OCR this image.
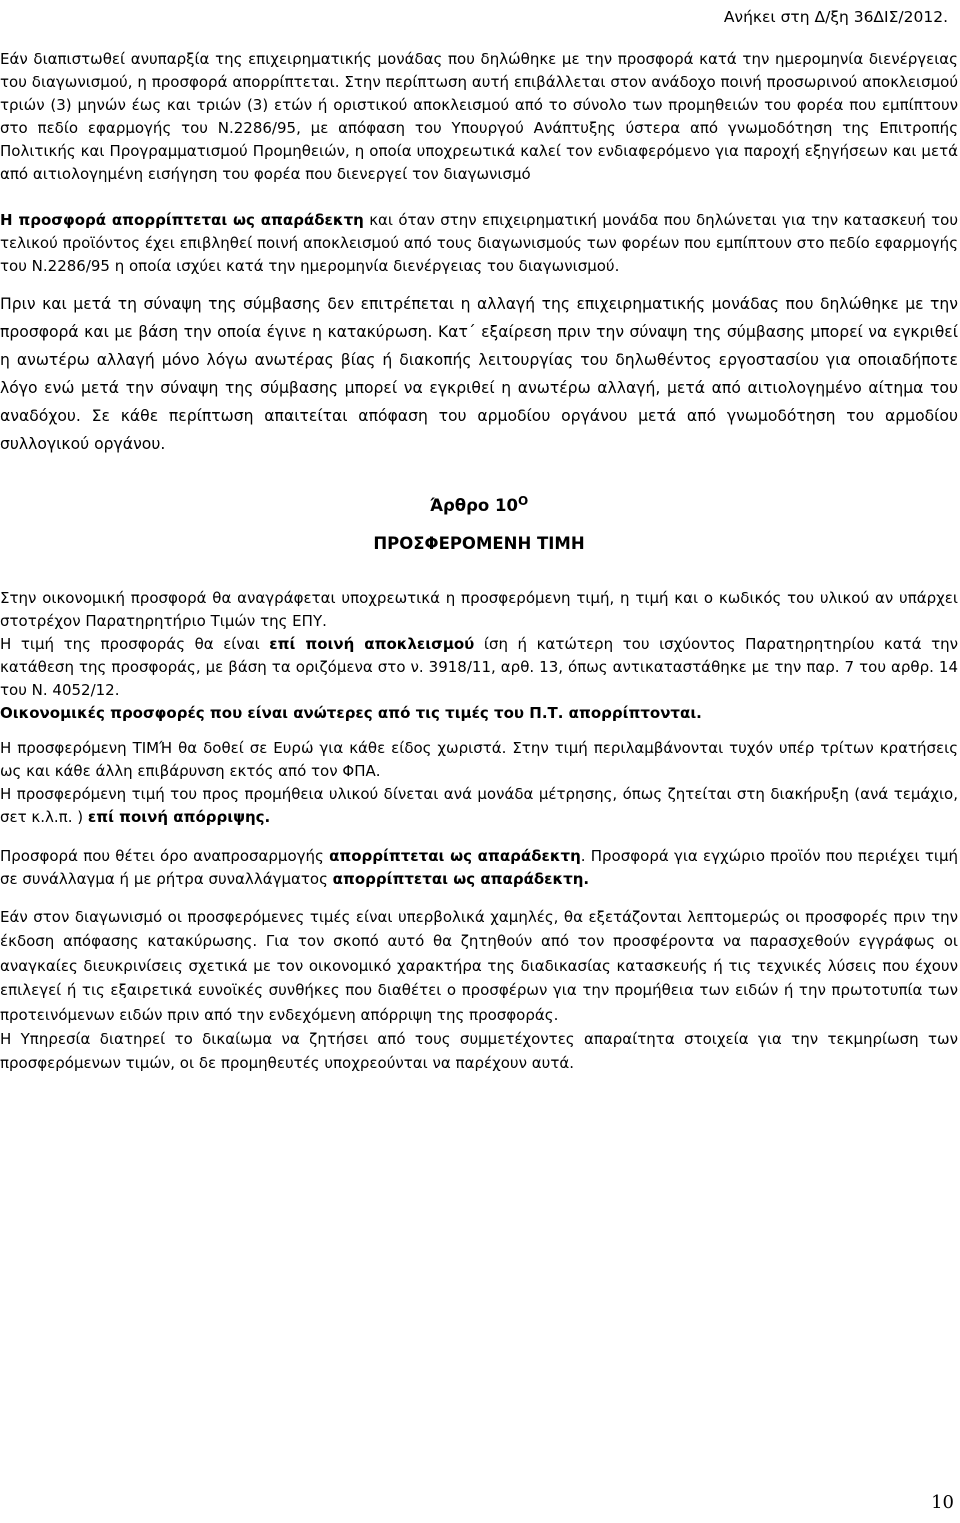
Ανήκει στη Δ/ξη 36ΔΙΣ/2012.

Εάν διαπιστωθεί ανυπαρξία της επιχειρηματικής μονάδας που δηλώθηκε με την προσφορά κατά την ημερομηνία διενέργειας του διαγωνισμού, η προσφορά απορρίπτεται. Στην περίπτωση αυτή επιβάλλεται στον ανάδοχο ποινή προσωρινού αποκλεισμού τριών (3) μηνών έως και τριών (3) ετών ή οριστικού αποκλεισμού από το σύνολο των προμηθειών του φορέα που εμπίπτουν στο πεδίο εφαρμογής του Ν.2286/95, με απόφαση του Υπουργού Ανάπτυξης ύστερα από γνωμοδότηση της Επιτροπής Πολιτικής και Προγραμματισμού Προμηθειών, η οποία υποχρεωτικά καλεί τον ενδιαφερόμενο για παροχή εξηγήσεων και μετά από αιτιολογημένη εισήγηση του φορέα που διενεργεί τον διαγωνισμό

Η προσφορά απορρίπτεται ως απαράδεκτη και όταν στην επιχειρηματική μονάδα που δηλώνεται για την κατασκευή του τελικού προϊόντος έχει επιβληθεί ποινή αποκλεισμού από τους διαγωνισμούς των φορέων που εμπίπτουν στο πεδίο εφαρμογής του Ν.2286/95 η οποία ισχύει κατά την ημερομηνία διενέργειας του διαγωνισμού.

Πριν και μετά τη σύναψη της σύμβασης δεν επιτρέπεται η αλλαγή της επιχειρηματικής μονάδας που δηλώθηκε με την προσφορά και με βάση την οποία έγινε η κατακύρωση. Κατ΄ εξαίρεση πριν την σύναψη της σύμβασης μπορεί να εγκριθεί η ανωτέρω αλλαγή μόνο λόγω ανωτέρας βίας ή διακοπής λειτουργίας του δηλωθέντος εργοστασίου για οποιαδήποτε λόγο ενώ μετά την σύναψη της σύμβασης μπορεί να εγκριθεί η ανωτέρω αλλαγή, μετά από αιτιολογημένο αίτημα του αναδόχου. Σε κάθε περίπτωση απαιτείται απόφαση του αρμοδίου οργάνου μετά από γνωμοδότηση του αρμοδίου συλλογικού οργάνου.

Άρθρο $10^O$

ΠΡΟΣΦΕΡΟΜΕΝΗ ΤΙΜΗ

Στην οικονομική προσφορά θα αναγράφεται υποχρεωτικά η προσφερόμενη τιμή, η τιμή και ο κωδικός του υλικού αν υπάρχει στοτρέχον Παρατηρητήριο Τιμών της ΕΠΥ.

Η τιμή της προσφοράς θα είναι επί ποινή αποκλεισμού ίση ή κατώτερη του ισχύοντος Παρατηρητηρίου κατά την κατάθεση της προσφοράς, με βάση τα οριζόμενα στο ν. 3918/11, αρθ. 13, όπως αντικαταστάθηκε με την παρ. 7 του αρθρ. 14 του Ν. 4052/12.

Οικονομικές προσφορές που είναι ανώτερες από τις τιμές του Π.Τ. απορρίπτονται.

Η προσφερόμενη ΤΙΜΉ θα δοθεί σε Ευρώ για κάθε είδος χωριστά. Στην τιμή περιλαμβάνονται τυχόν υπέρ τρίτων κρατήσεις ως και κάθε άλλη επιβάρυνση εκτός από τον ΦΠΑ.

Η προσφερόμενη τιμή του προς προμήθεια υλικού δίνεται ανά μονάδα μέτρησης, όπως ζητείται στη διακήρυξη (ανά τεμάχιο, σετ κ.λ.π. ) επί ποινή απόρριψης.

Προσφορά που θέτει όρο αναπροσαρμογής απορρίπτεται ως απαράδεκτη. Προσφορά για εγχώριο προϊόν που περιέχει τιμή σε συνάλλαγμα ή με ρήτρα συναλλάγματος απορρίπτεται ως απαράδεκτη.

Εάν στον διαγωνισμό οι προσφερόμενες τιμές είναι υπερβολικά χαμηλές, θα εξετάζονται λεπτομερώς οι προσφορές πριν την έκδοση απόφασης κατακύρωσης. Για τον σκοπό αυτό θα ζητηθούν από τον προσφέροντα να παρασχεθούν εγγράφως οι αναγκαίες διευκρινίσεις σχετικά με τον οικονομικό χαρακτήρα της διαδικασίας κατασκευής ή τις τεχνικές λύσεις που έχουν επιλεγεί ή τις εξαιρετικά ευνοϊκές συνθήκες που διαθέτει ο προσφέρων για την προμήθεια των ειδών ή την πρωτοτυπία των προτεινόμενων ειδών πριν από την ενδεχόμενη απόρριψη της προσφοράς.

Η Υπηρεσία διατηρεί το δικαίωμα να ζητήσει από τους συμμετέχοντες απαραίτητα στοιχεία για την τεκμηρίωση των προσφερόμενων τιμών, οι δε προμηθευτές υποχρεούνται να παρέχουν αυτά.

10
